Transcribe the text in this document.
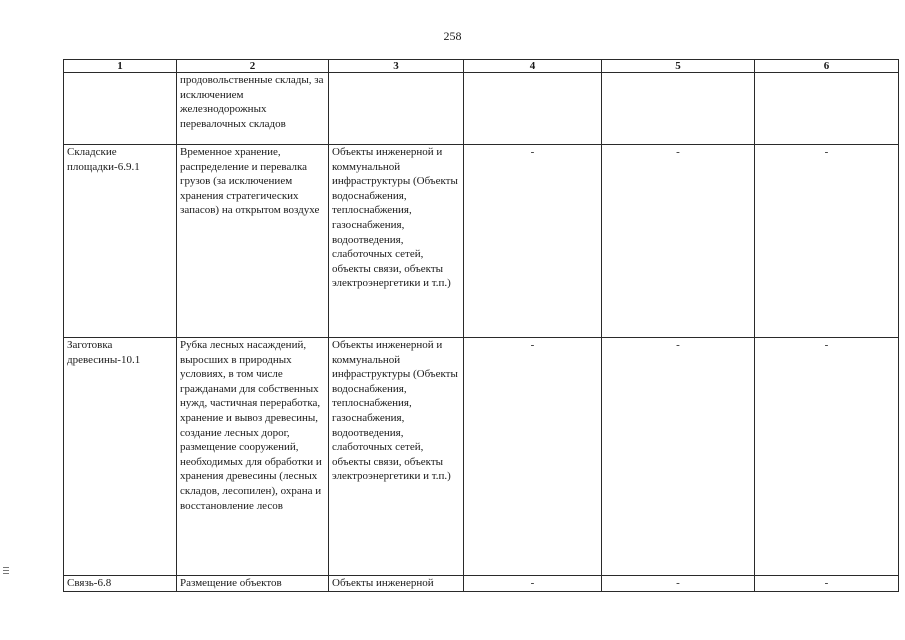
258
1	2	3	4	5	6
	продовольственные склады, за исключением железнодорожных перевалочных складов				
Складские площадки-6.9.1	Временное хранение, распределение и перевалка грузов (за исключением хранения стратегических запасов) на открытом воздухе	Объекты инженерной и коммунальной инфраструктуры (Объекты водоснабжения, теплоснабжения, газоснабжения, водоотведения, слаботочных сетей, объекты связи, объекты электроэнергетики и т.п.)	-	-	-
Заготовка древесины-10.1	Рубка лесных насаждений, выросших в природных условиях, в том числе гражданами для собственных нужд, частичная переработка, хранение и вывоз древесины, создание лесных дорог, размещение сооружений, необходимых для обработки и хранения древесины (лесных складов, лесопилен), охрана и восстановление лесов	Объекты инженерной и коммунальной инфраструктуры (Объекты водоснабжения, теплоснабжения, газоснабжения, водоотведения, слаботочных сетей, объекты связи, объекты электроэнергетики и т.п.)	-	-	-
Связь-6.8	Размещение объектов	Объекты инженерной	-	-	-
